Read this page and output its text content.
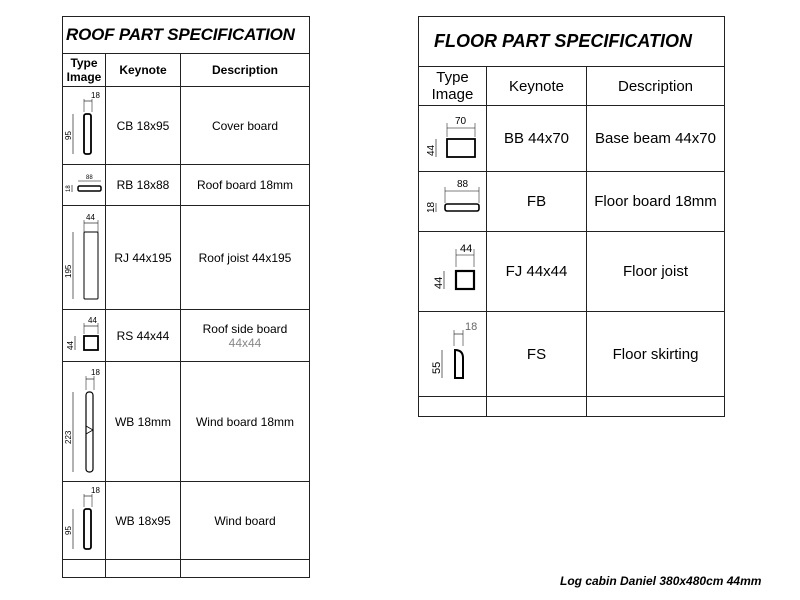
ROOF PART SPECIFICATION		
Type
Image	Keynote	Description

18
95	CB 18x95	Cover board

88
18	RB 18x88	Roof board 18mm

44
195	RJ 44x195	Roof joist 44x195

44
44	RS 44x44	Roof side board
44x44

18
223	WB 18mm	Wind board 18mm

18
95	WB 18x95	Wind board

FLOOR PART SPECIFICATION		
Type
Image	Keynote	Description

70
44	BB 44x70	Base beam 44x70

88
18	FB	Floor board 18mm

44
44	FJ 44x44	Floor joist

18
55	FS	Floor skirting

Log cabin Daniel 380x480cm 44mm
